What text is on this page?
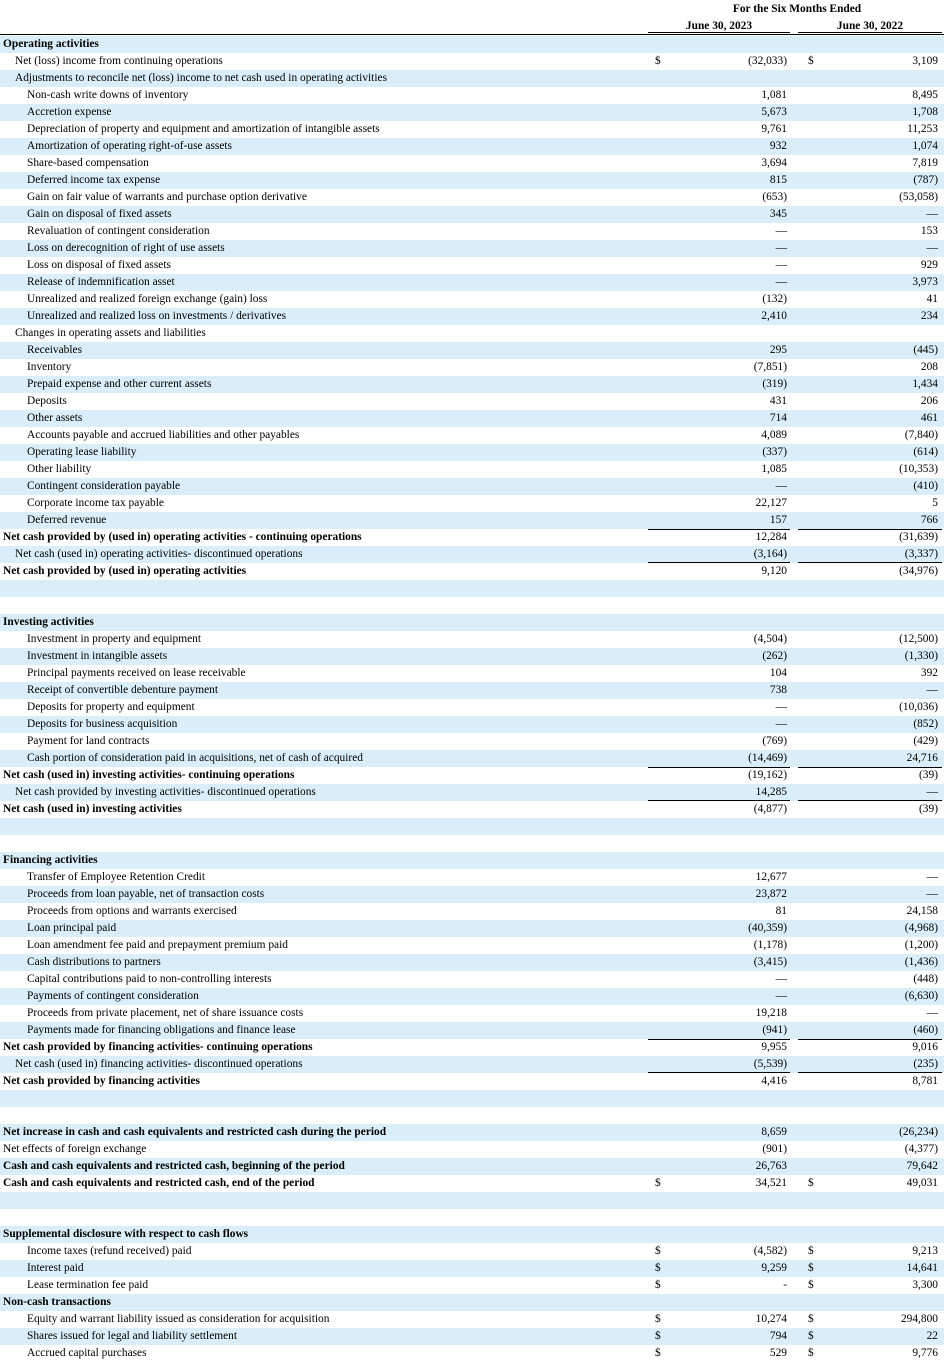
For the Six Months Ended
June 30, 2023	June 30, 2022
Operating activities
Net (loss) income from continuing operations	$	(32,033) $	3,109
Adjustments to reconcile net (loss) income to net cash used in operating activities
Non-cash write downs of inventory	1,081	8,495
Accretion expense	5,673	1,708
Depreciation of property and equipment and amortization of intangible assets	9,761	11,253
Amortization of operating right-of-use assets	932	1,074
Share-based compensation	3,694	7,819
Deferred income tax expense	815	(787)
Gain on fair value of warrants and purchase option derivative	(653)	(53,058)
Gain on disposal of fixed assets	345	—
Revaluation of contingent consideration	—	153
Loss on derecognition of right of use assets	—	—
Loss on disposal of fixed assets	—	929
Release of indemnification asset	—	3,973
Unrealized and realized foreign exchange (gain) loss	(132)	41
Unrealized and realized loss on investments / derivatives	2,410	234
Changes in operating assets and liabilities
Receivables	295	(445)
Inventory	(7,851)	208
Prepaid expense and other current assets	(319)	1,434
Deposits	431	206
Other assets	714	461
Accounts payable and accrued liabilities and other payables	4,089	(7,840)
Operating lease liability	(337)	(614)
Other liability	1,085	(10,353)
Contingent consideration payable	—	(410)
Corporate income tax payable	22,127	5
Deferred revenue	157	766
Net cash provided by (used in) operating activities - continuing operations	12,284	(31,639)
Net cash (used in) operating activities- discontinued operations	(3,164)	(3,337)
Net cash provided by (used in) operating activities	9,120	(34,976)
Investing activities
Investment in property and equipment	(4,504)	(12,500)
Investment in intangible assets	(262)	(1,330)
Principal payments received on lease receivable	104	392
Receipt of convertible debenture payment	738	—
Deposits for property and equipment	—	(10,036)
Deposits for business acquisition	—	(852)
Payment for land contracts	(769)	(429)
Cash portion of consideration paid in acquisitions, net of cash of acquired	(14,469)	24,716
Net cash (used in) investing activities- continuing operations	(19,162)	(39)
Net cash provided by investing activities- discontinued operations	14,285	—
Net cash (used in) investing activities	(4,877)	(39)
Financing activities
Transfer of Employee Retention Credit	12,677	—
Proceeds from loan payable, net of transaction costs	23,872	—
Proceeds from options and warrants exercised	81	24,158
Loan principal paid	(40,359)	(4,968)
Loan amendment fee paid and prepayment premium paid	(1,178)	(1,200)
Cash distributions to partners	(3,415)	(1,436)
Capital contributions paid to non-controlling interests	—	(448)
Payments of contingent consideration	—	(6,630)
Proceeds from private placement, net of share issuance costs	19,218	—
Payments made for financing obligations and finance lease	(941)	(460)
Net cash provided by financing activities- continuing operations	9,955	9,016
Net cash (used in) financing activities- discontinued operations	(5,539)	(235)
Net cash provided by financing activities	4,416	8,781
Net increase in cash and cash equivalents and restricted cash during the period	8,659	(26,234)
Net effects of foreign exchange	(901)	(4,377)
Cash and cash equivalents and restricted cash, beginning of the period	26,763	79,642
Cash and cash equivalents and restricted cash, end of the period	$	34,521 $	49,031
Supplemental disclosure with respect to cash flows
Income taxes (refund received) paid	$	(4,582) $	9,213
Interest paid	$	9,259 $	14,641
Lease termination fee paid	$	- $	3,300
Non-cash transactions
Equity and warrant liability issued as consideration for acquisition	$	10,274 $	294,800
Shares issued for legal and liability settlement	$	794 $	22
Accrued capital purchases	$	529 $	9,776
